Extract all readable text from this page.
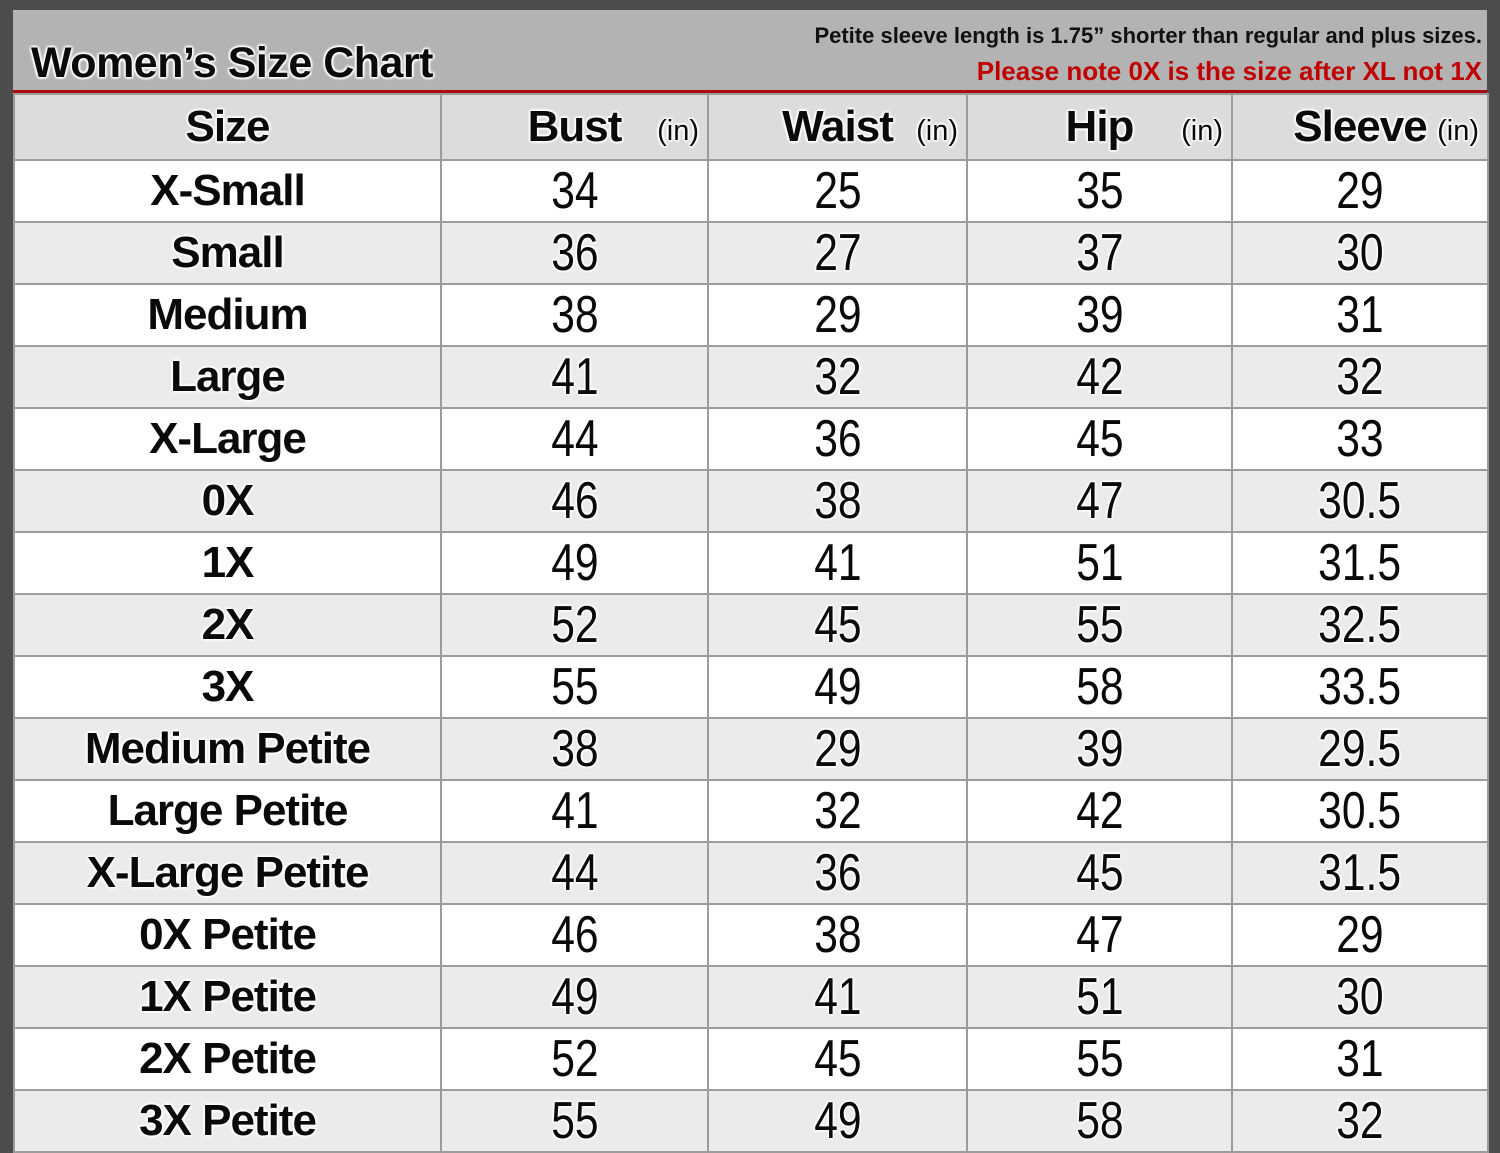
Women’s Size Chart
Petite sleeve length is 1.75” shorter than regular and plus sizes.
Please note 0X is the size after XL not 1X
Size	Bust (in)	Waist (in)	Hip (in)	Sleeve (in)

X-Small	34	25	35	29
Small	36	27	37	30
Medium	38	29	39	31
Large	41	32	42	32
X-Large	44	36	45	33
0X	46	38	47	30.5
1X	49	41	51	31.5
2X	52	45	55	32.5
3X	55	49	58	33.5
Medium Petite	38	29	39	29.5
Large Petite	41	32	42	30.5
X-Large Petite	44	36	45	31.5
0X Petite	46	38	47	29
1X Petite	49	41	51	30
2X Petite	52	45	55	31
3X Petite	55	49	58	32
